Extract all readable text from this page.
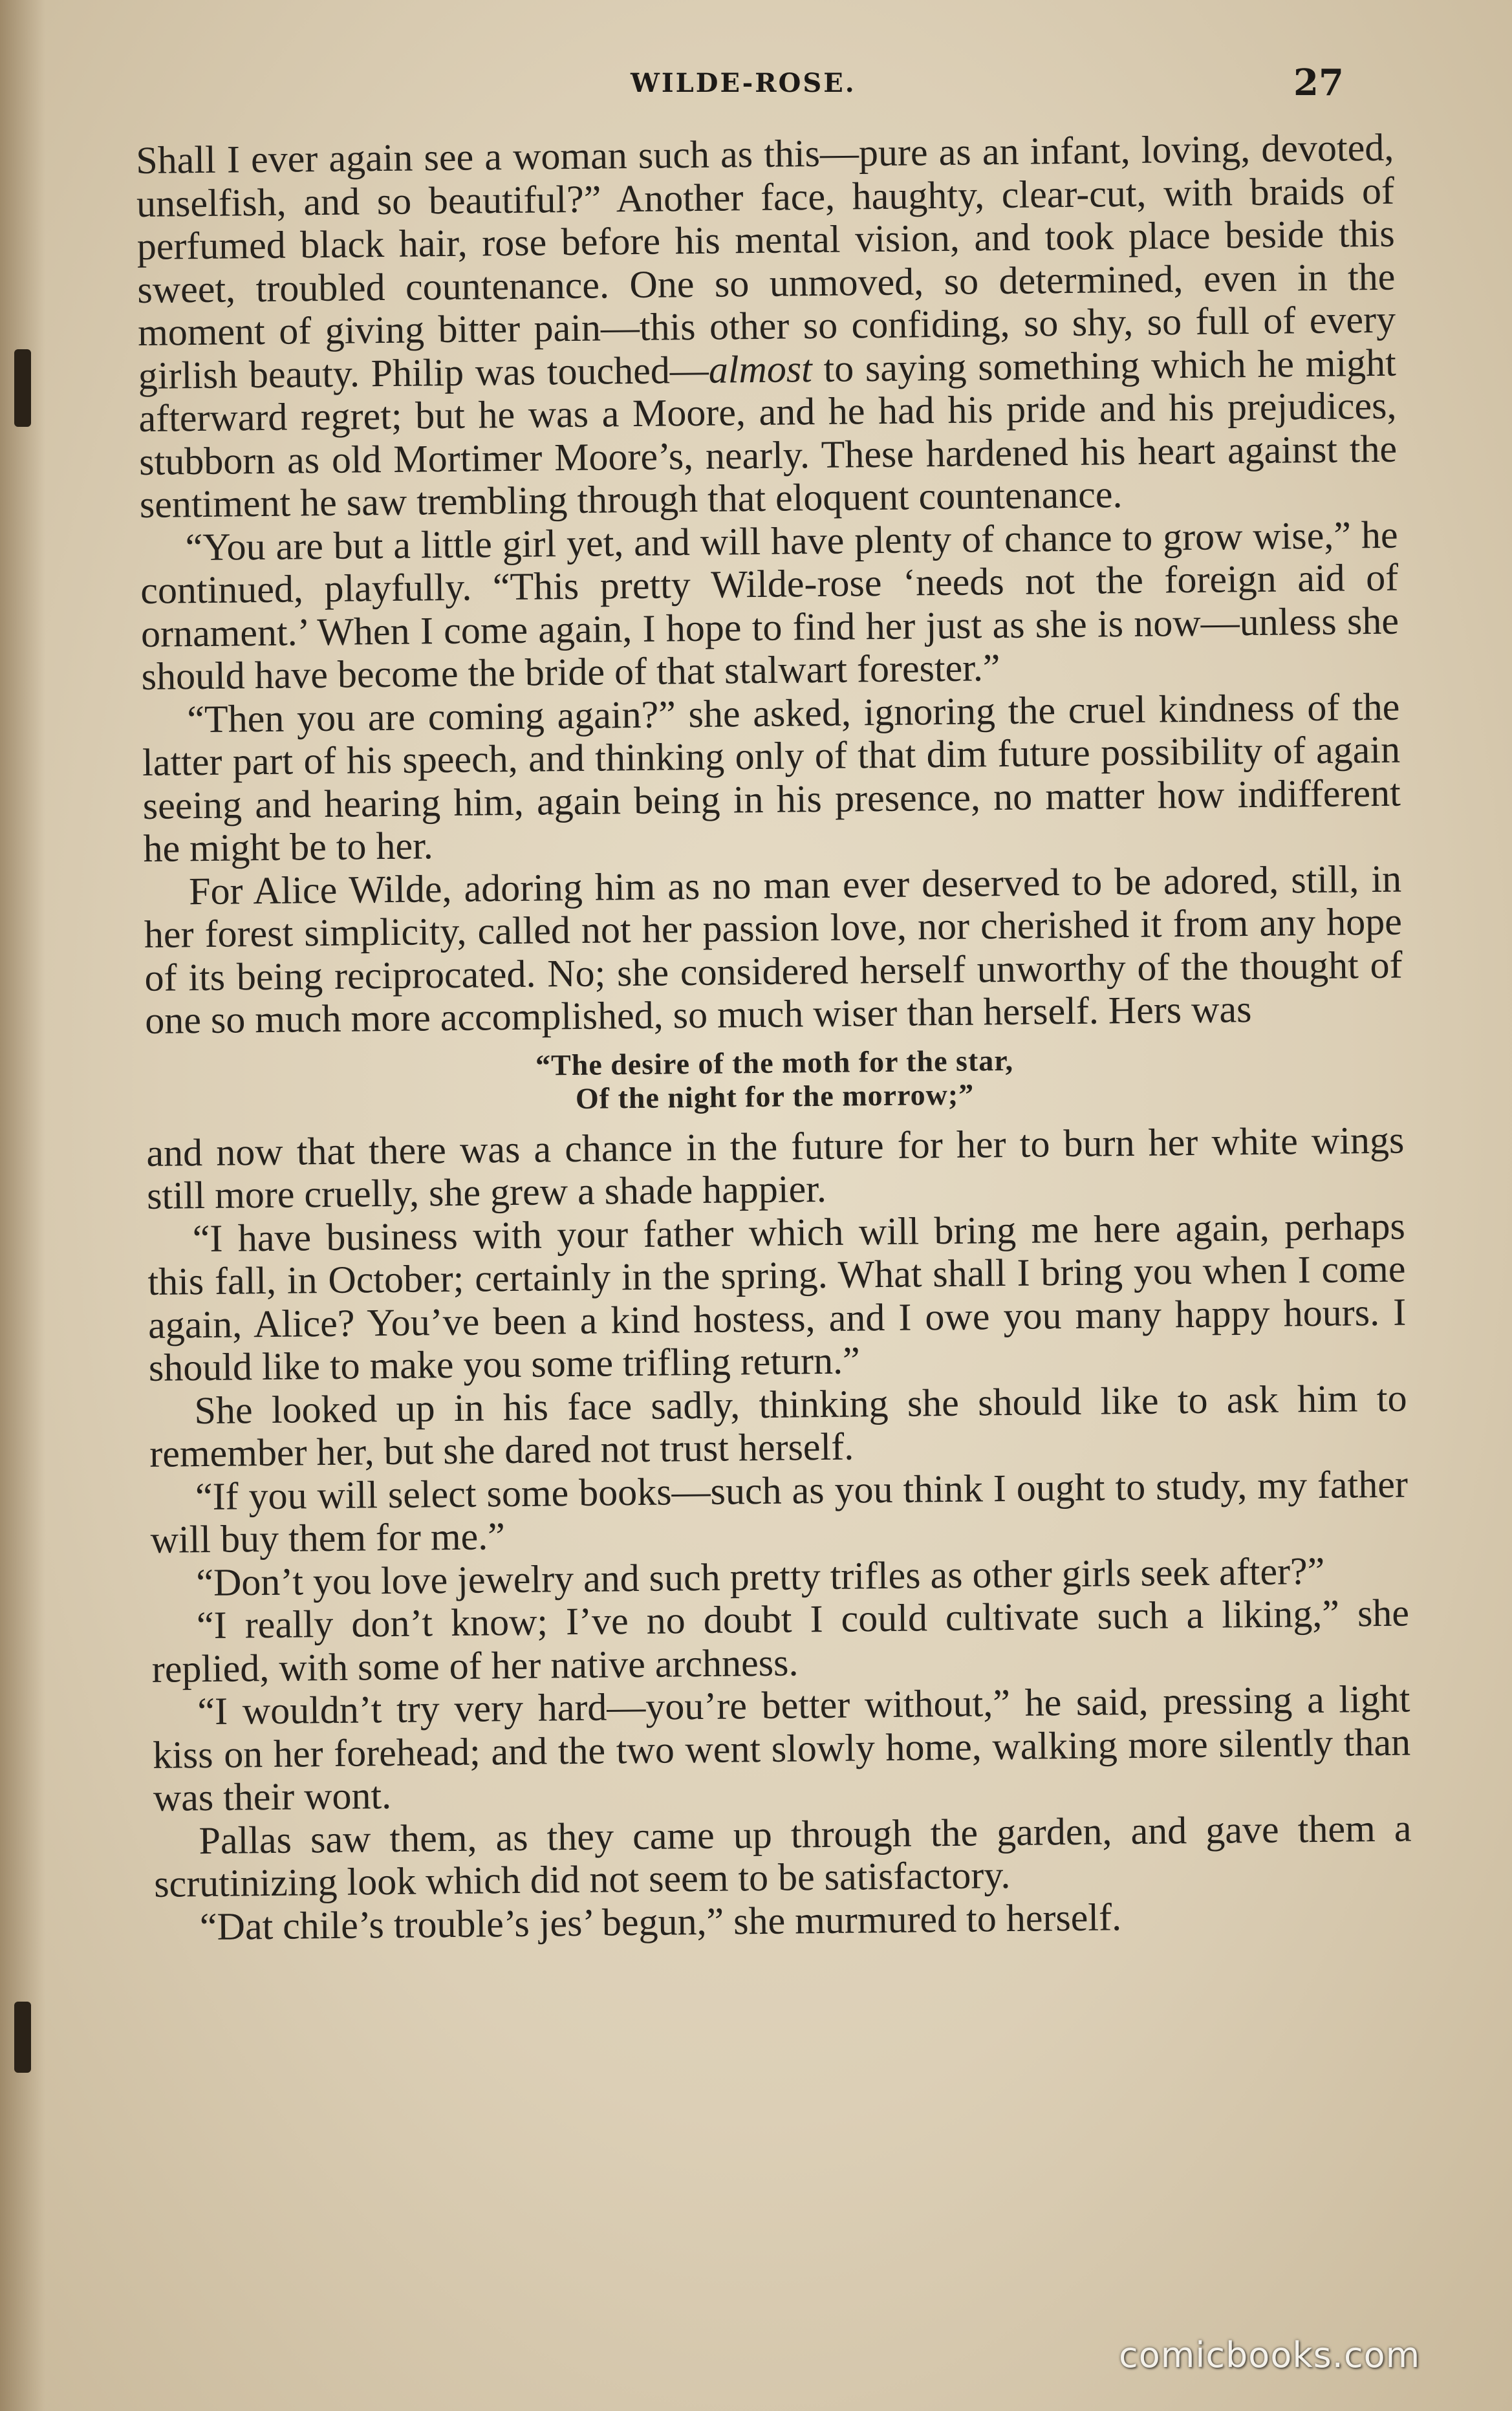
WILDE-ROSE.	27

Shall I ever again see a woman such as this—pure as an infant, loving, devoted, unselfish, and so beautiful?” Another face, haughty, clear-cut, with braids of perfumed black hair, rose before his mental vision, and took place beside this sweet, troubled countenance. One so unmoved, so determined, even in the moment of giving bitter pain—this other so confiding, so shy, so full of every girlish beauty. Philip was touched—almost to saying something which he might afterward regret; but he was a Moore, and he had his pride and his prejudices, stubborn as old Mortimer Moore’s, nearly. These hardened his heart against the sentiment he saw trembling through that eloquent countenance.

“You are but a little girl yet, and will have plenty of chance to grow wise,” he continued, playfully. “This pretty Wilde-rose ‘needs not the foreign aid of ornament.’ When I come again, I hope to find her just as she is now—unless she should have become the bride of that stalwart forester.”

“Then you are coming again?” she asked, ignoring the cruel kindness of the latter part of his speech, and thinking only of that dim future possibility of again seeing and hearing him, again being in his presence, no matter how indifferent he might be to her.

For Alice Wilde, adoring him as no man ever deserved to be adored, still, in her forest simplicity, called not her passion love, nor cherished it from any hope of its being reciprocated. No; she considered herself unworthy of the thought of one so much more accomplished, so much wiser than herself. Hers was

“The desire of the moth for the star,
Of the night for the morrow;”

and now that there was a chance in the future for her to burn her white wings still more cruelly, she grew a shade happier.

“I have business with your father which will bring me here again, perhaps this fall, in October; certainly in the spring. What shall I bring you when I come again, Alice? You’ve been a kind hostess, and I owe you many happy hours. I should like to make you some trifling return.”

She looked up in his face sadly, thinking she should like to ask him to remember her, but she dared not trust herself.

“If you will select some books—such as you think I ought to study, my father will buy them for me.”

“Don’t you love jewelry and such pretty trifles as other girls seek after?”

“I really don’t know; I’ve no doubt I could cultivate such a liking,” she replied, with some of her native archness.

“I wouldn’t try very hard—you’re better without,” he said, pressing a light kiss on her forehead; and the two went slowly home, walking more silently than was their wont.

Pallas saw them, as they came up through the garden, and gave them a scrutinizing look which did not seem to be satisfactory.

“Dat chile’s trouble’s jes’ begun,” she murmured to herself.

comicbooks.com
